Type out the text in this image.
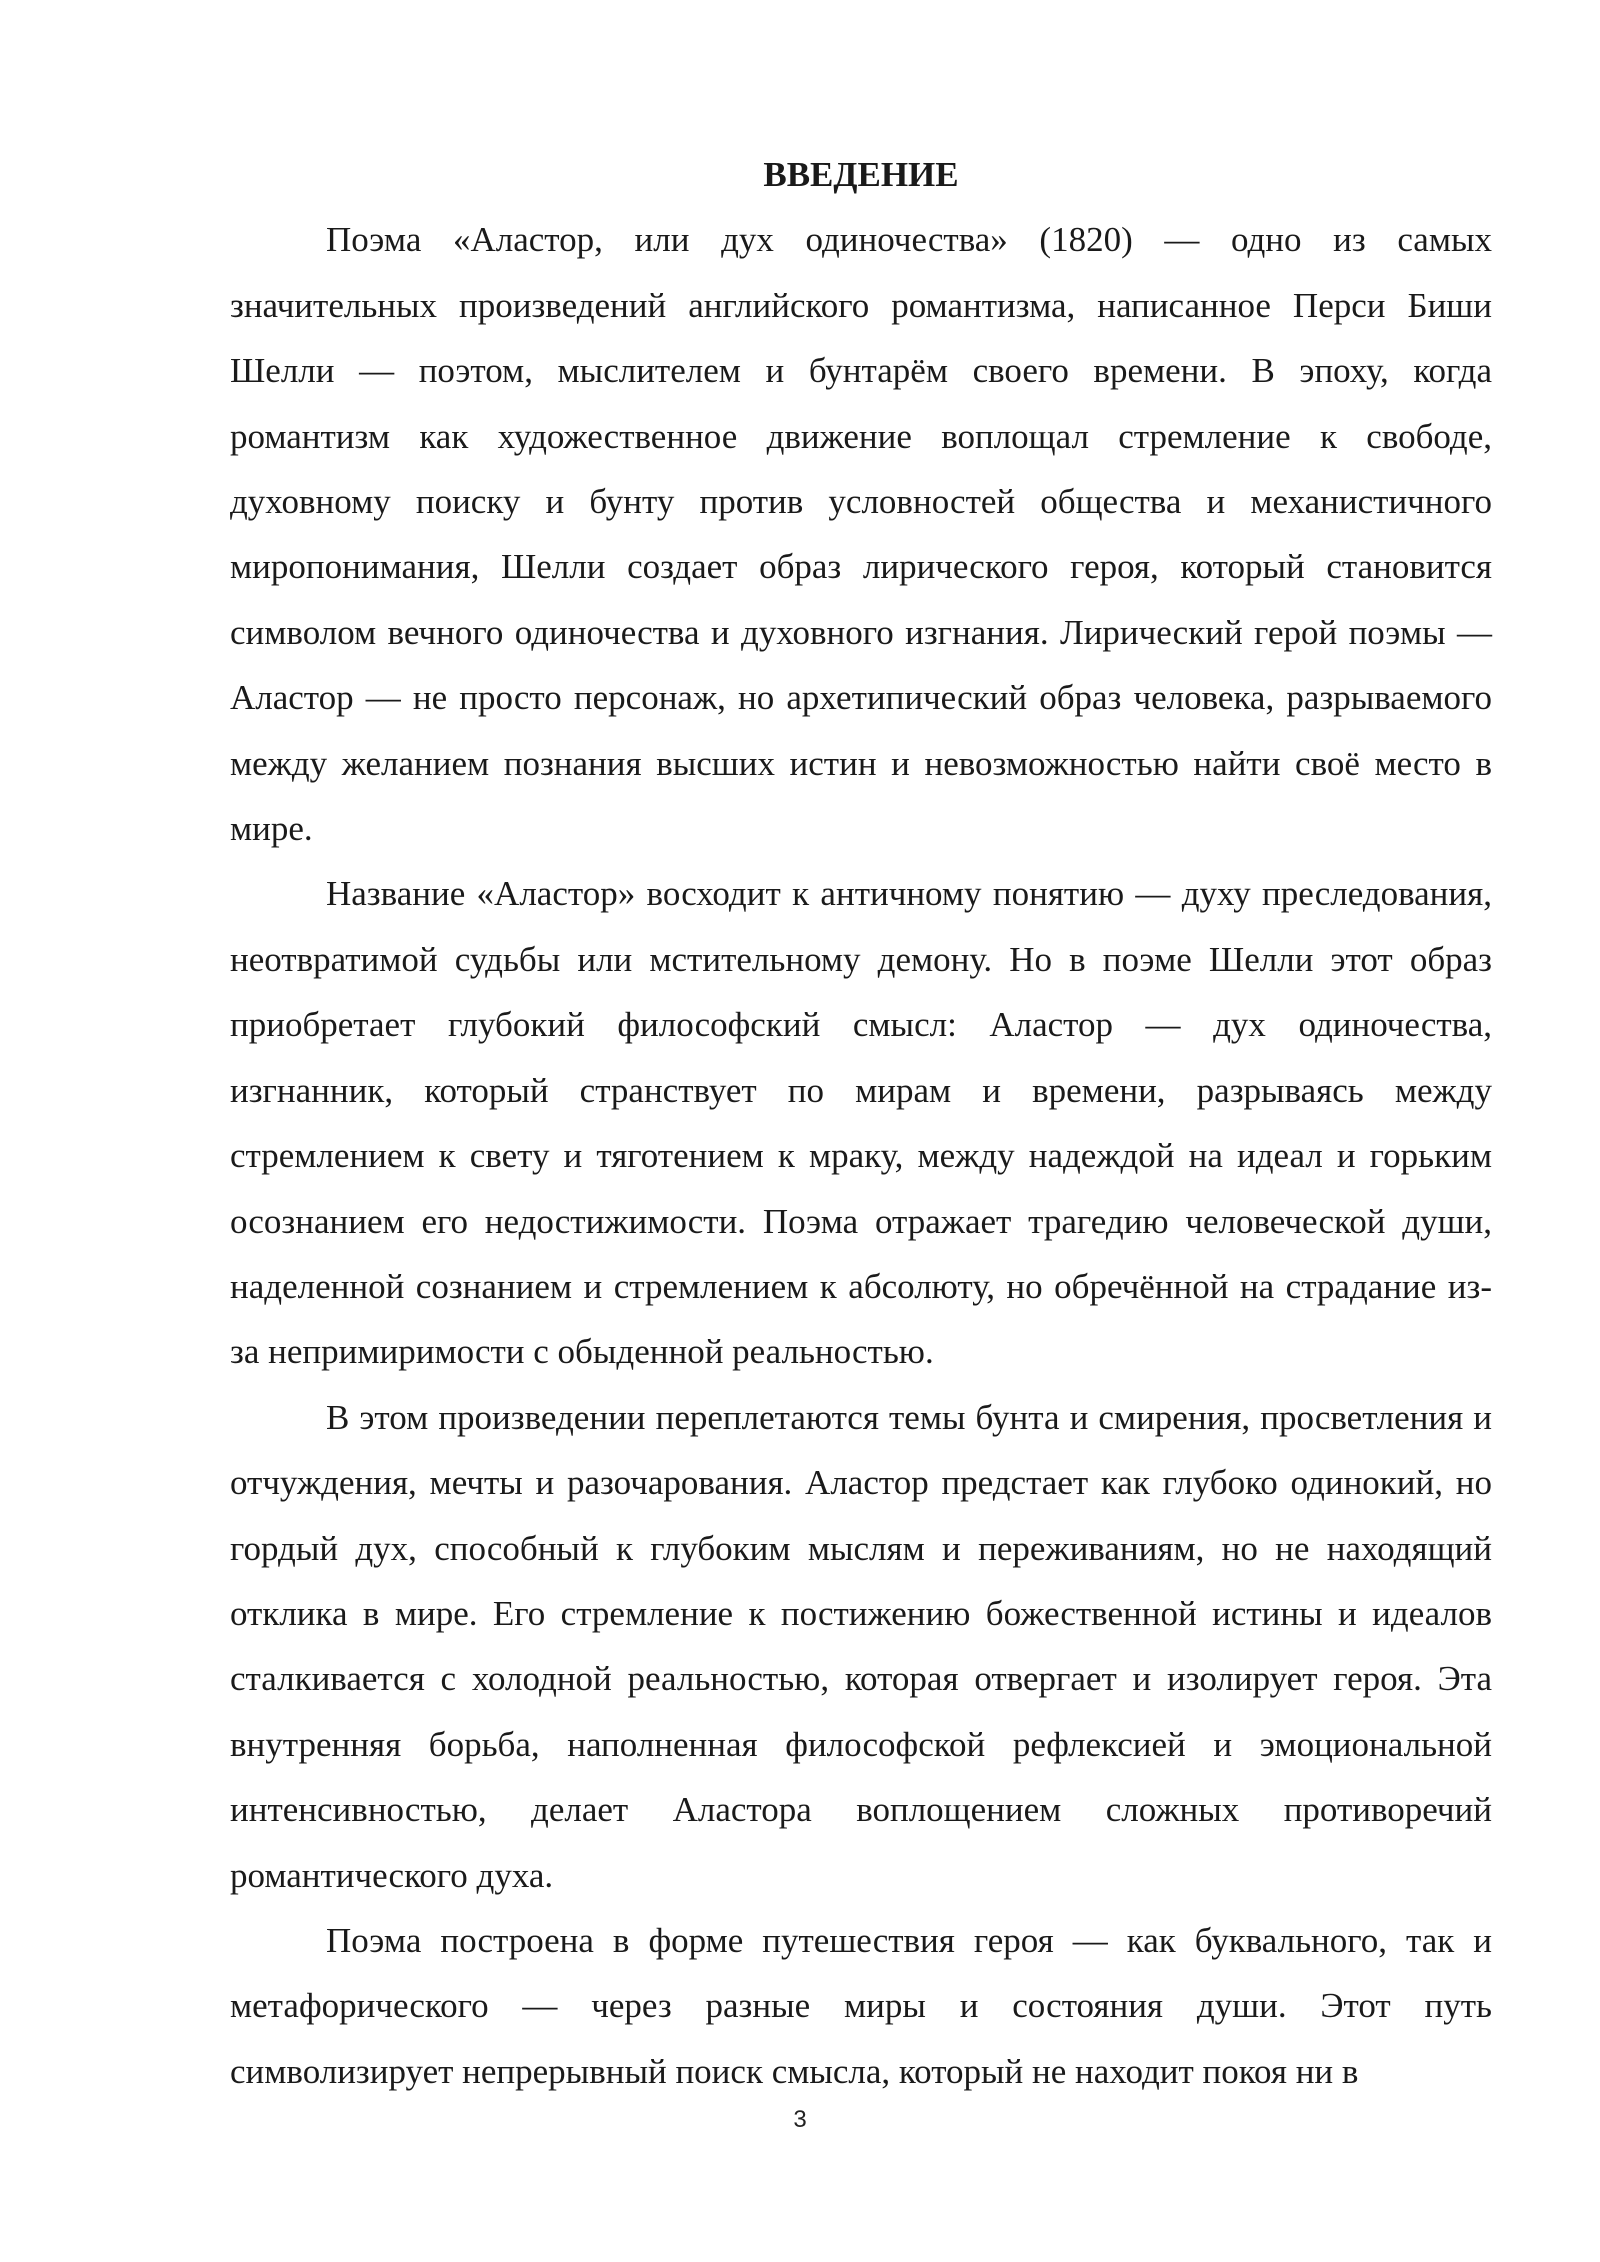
ВВЕДЕНИЕ

Поэма «Аластор, или дух одиночества» (1820) — одно из самых значительных произведений английского романтизма, написанное Перси Биши Шелли — поэтом, мыслителем и бунтарём своего времени. В эпоху, когда романтизм как художественное движение воплощал стремление к свободе, духовному поиску и бунту против условностей общества и механистичного миропонимания, Шелли создает образ лирического героя, который становится символом вечного одиночества и духовного изгнания. Лирический герой поэмы — Аластор — не просто персонаж, но архетипический образ человека, разрываемого между желанием познания высших истин и невозможностью найти своё место в мире.

Название «Аластор» восходит к античному понятию — духу преследования, неотвратимой судьбы или мстительному демону. Но в поэме Шелли этот образ приобретает глубокий философский смысл: Аластор — дух одиночества, изгнанник, который странствует по мирам и времени, разрываясь между стремлением к свету и тяготением к мраку, между надеждой на идеал и горьким осознанием его недостижимости. Поэма отражает трагедию человеческой души, наделенной сознанием и стремлением к абсолюту, но обречённой на страдание из-за непримиримости с обыденной реальностью.

В этом произведении переплетаются темы бунта и смирения, просветления и отчуждения, мечты и разочарования. Аластор предстает как глубоко одинокий, но гордый дух, способный к глубоким мыслям и переживаниям, но не находящий отклика в мире. Его стремление к постижению божественной истины и идеалов сталкивается с холодной реальностью, которая отвергает и изолирует героя. Эта внутренняя борьба, наполненная философской рефлексией и эмоциональной интенсивностью, делает Аластора воплощением сложных противоречий романтического духа.

Поэма построена в форме путешествия героя — как буквального, так и метафорического — через разные миры и состояния души. Этот путь символизирует непрерывный поиск смысла, который не находит покоя ни в

3
